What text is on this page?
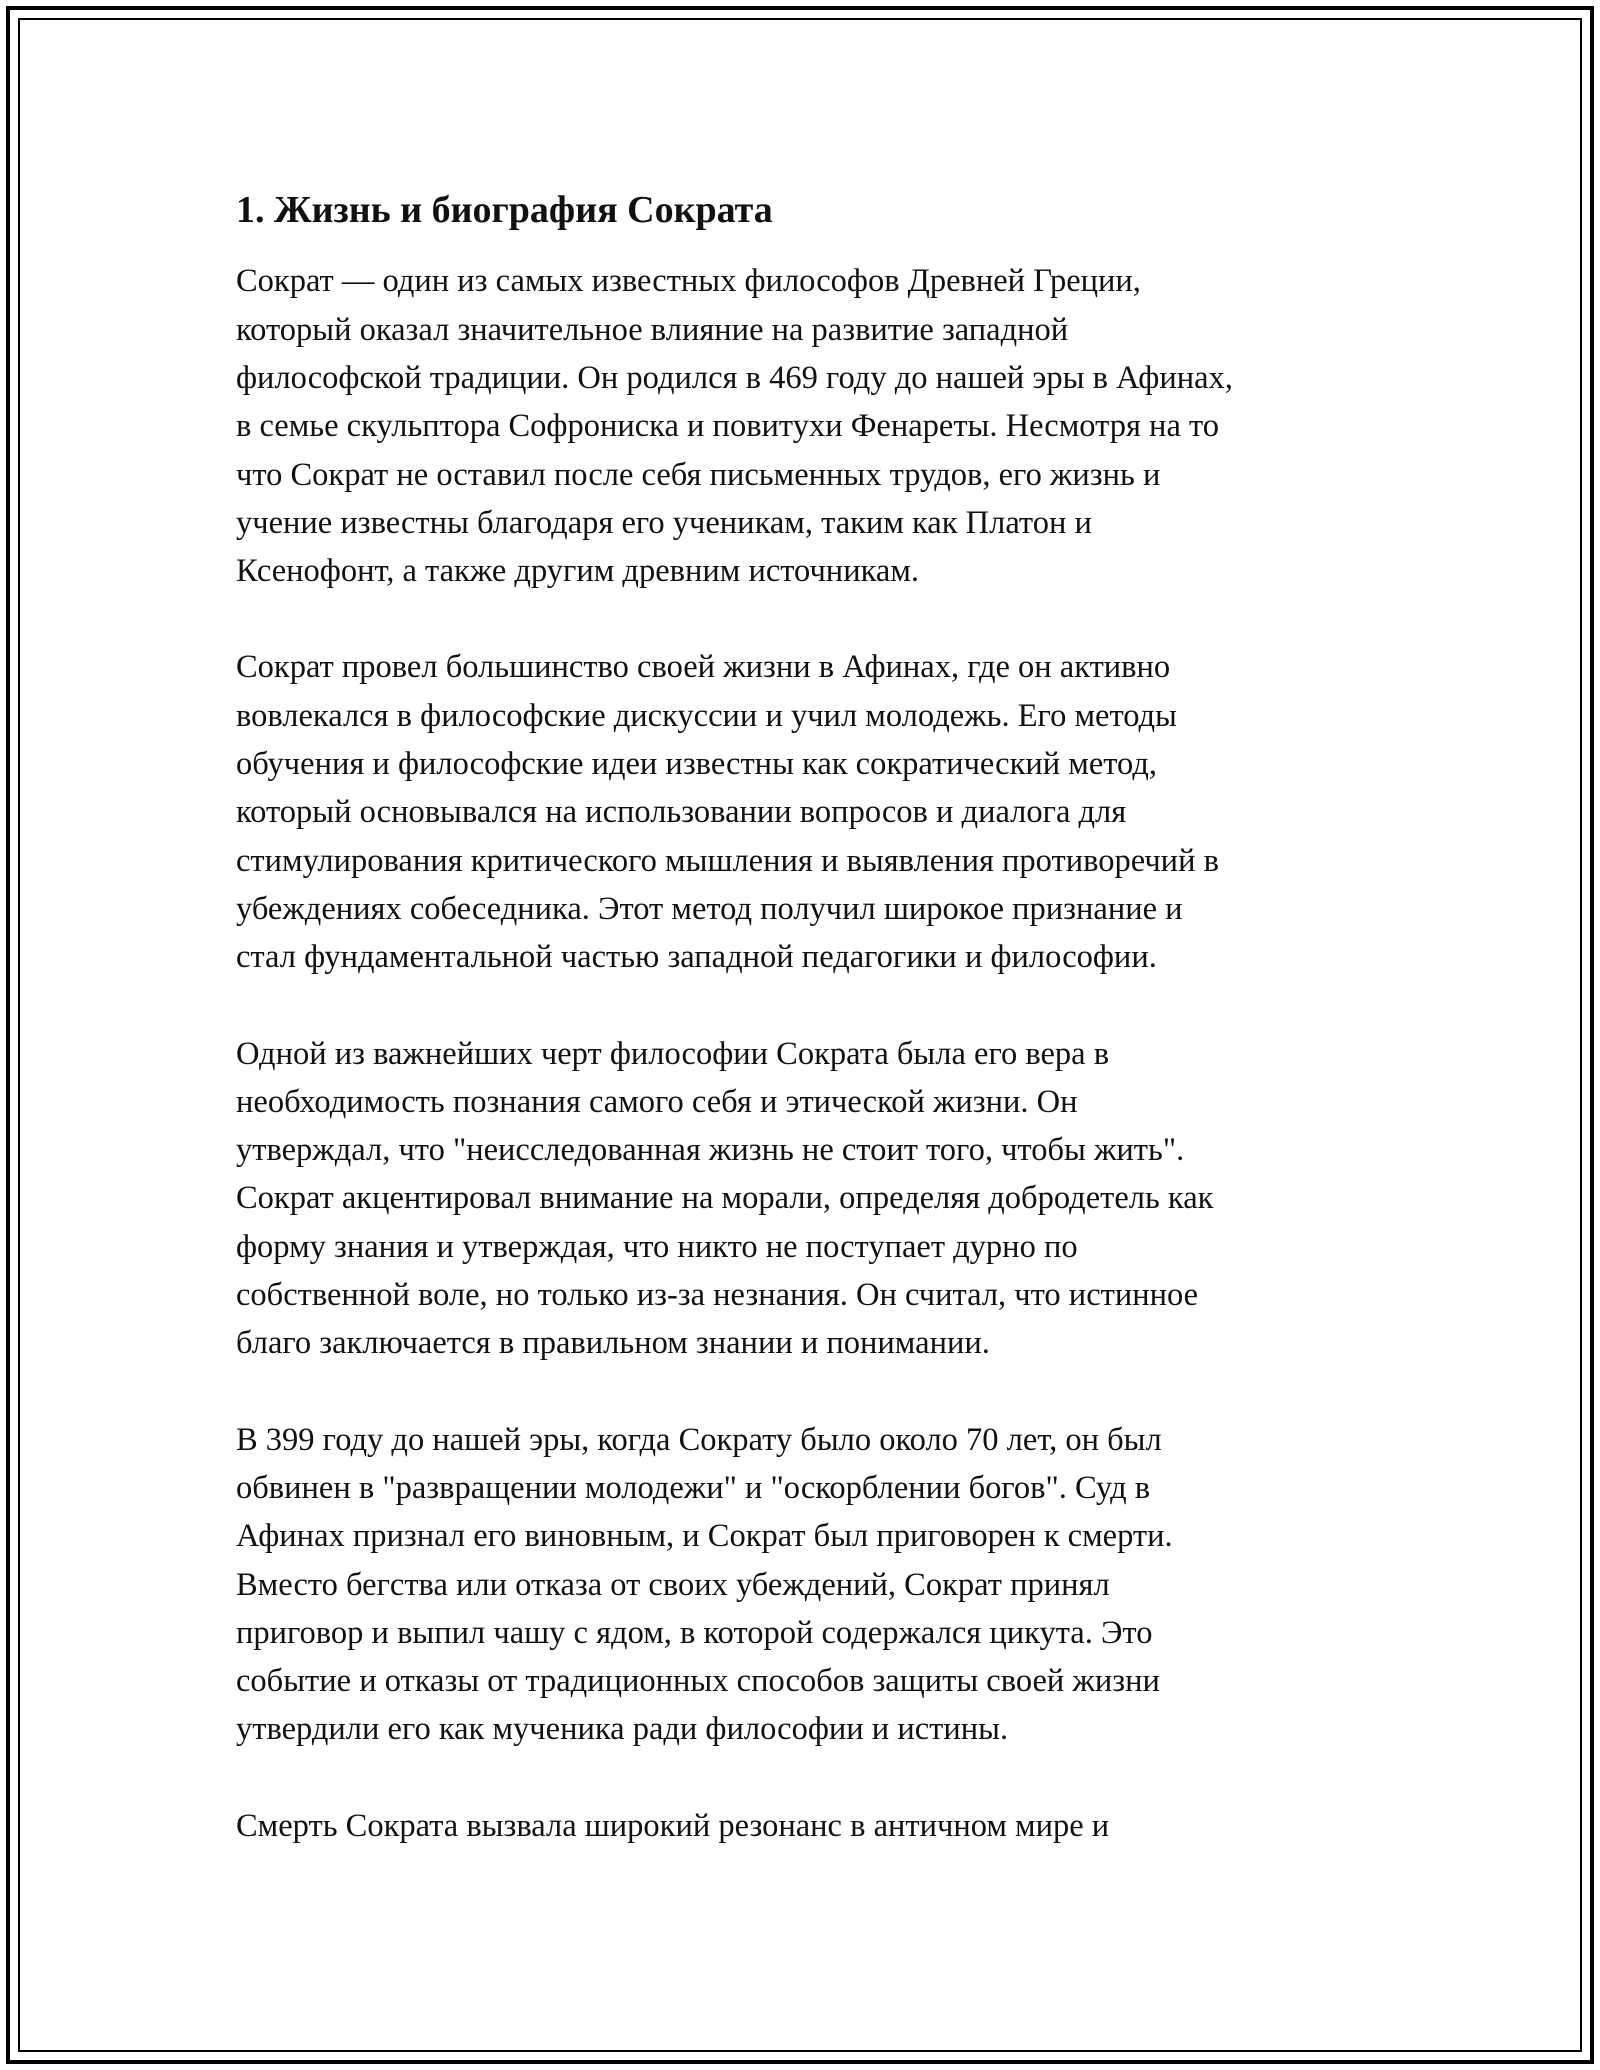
1. Жизнь и биография Сократа

Сократ — один из самых известных философов Древней Греции,
который оказал значительное влияние на развитие западной
философской традиции. Он родился в 469 году до нашей эры в Афинах,
в семье скульптора Софрониска и повитухи Фенареты. Несмотря на то
что Сократ не оставил после себя письменных трудов, его жизнь и
учение известны благодаря его ученикам, таким как Платон и
Ксенофонт, а также другим древним источникам.

Сократ провел большинство своей жизни в Афинах, где он активно
вовлекался в философские дискуссии и учил молодежь. Его методы
обучения и философские идеи известны как сократический метод,
который основывался на использовании вопросов и диалога для
стимулирования критического мышления и выявления противоречий в
убеждениях собеседника. Этот метод получил широкое признание и
стал фундаментальной частью западной педагогики и философии.

Одной из важнейших черт философии Сократа была его вера в
необходимость познания самого себя и этической жизни. Он
утверждал, что "неисследованная жизнь не стоит того, чтобы жить".
Сократ акцентировал внимание на морали, определяя добродетель как
форму знания и утверждая, что никто не поступает дурно по
собственной воле, но только из-за незнания. Он считал, что истинное
благо заключается в правильном знании и понимании.

В 399 году до нашей эры, когда Сократу было около 70 лет, он был
обвинен в "развращении молодежи" и "оскорблении богов". Суд в
Афинах признал его виновным, и Сократ был приговорен к смерти.
Вместо бегства или отказа от своих убеждений, Сократ принял
приговор и выпил чашу с ядом, в которой содержался цикута. Это
событие и отказы от традиционных способов защиты своей жизни
утвердили его как мученика ради философии и истины.

Смерть Сократа вызвала широкий резонанс в античном мире и
